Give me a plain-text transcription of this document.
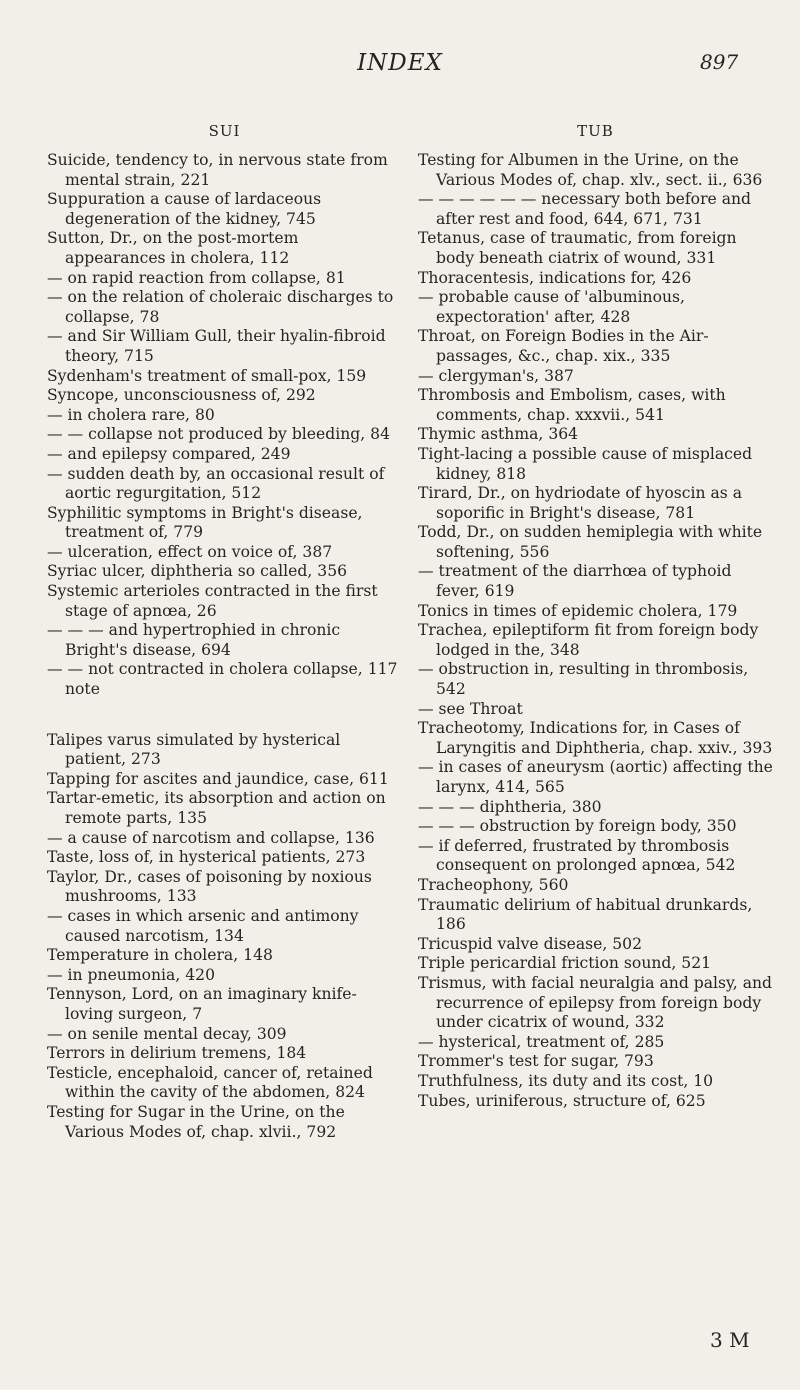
INDEX	897
SUI
Suicide, tendency to, in nervous state from mental strain, 221
Suppuration a cause of lardaceous degeneration of the kidney, 745
Sutton, Dr., on the post-mortem appearances in cholera, 112
— on rapid reaction from collapse, 81
— on the relation of choleraic discharges to collapse, 78
— and Sir William Gull, their hyalin-fibroid theory, 715
Sydenham's treatment of small-pox, 159
Syncope, unconsciousness of, 292
— in cholera rare, 80
— — collapse not produced by bleeding, 84
— and epilepsy compared, 249
— sudden death by, an occasional result of aortic regurgitation, 512
Syphilitic symptoms in Bright's disease, treatment of, 779
— ulceration, effect on voice of, 387
Syriac ulcer, diphtheria so called, 356
Systemic arterioles contracted in the first stage of apnœa, 26
— — — and hypertrophied in chronic Bright's disease, 694
— — not contracted in cholera collapse, 117 note
Talipes varus simulated by hysterical patient, 273
Tapping for ascites and jaundice, case, 611
Tartar-emetic, its absorption and action on remote parts, 135
— a cause of narcotism and collapse, 136
Taste, loss of, in hysterical patients, 273
Taylor, Dr., cases of poisoning by noxious mushrooms, 133
— cases in which arsenic and antimony caused narcotism, 134
Temperature in cholera, 148
— in pneumonia, 420
Tennyson, Lord, on an imaginary knife-loving surgeon, 7
— on senile mental decay, 309
Terrors in delirium tremens, 184
Testicle, encephaloid, cancer of, retained within the cavity of the abdomen, 824
Testing for Sugar in the Urine, on the Various Modes of, chap. xlvii., 792
TUB
Testing for Albumen in the Urine, on the Various Modes of, chap. xlv., sect. ii., 636
— — — — — — necessary both before and after rest and food, 644, 671, 731
Tetanus, case of traumatic, from foreign body beneath ciatrix of wound, 331
Thoracentesis, indications for, 426
— probable cause of 'albuminous, expectoration' after, 428
Throat, on Foreign Bodies in the Air-passages, &c., chap. xix., 335
— clergyman's, 387
Thrombosis and Embolism, cases, with comments, chap. xxxvii., 541
Thymic asthma, 364
Tight-lacing a possible cause of misplaced kidney, 818
Tirard, Dr., on hydriodate of hyoscin as a soporific in Bright's disease, 781
Todd, Dr., on sudden hemiplegia with white softening, 556
— treatment of the diarrhœa of typhoid fever, 619
Tonics in times of epidemic cholera, 179
Trachea, epileptiform fit from foreign body lodged in the, 348
— obstruction in, resulting in thrombosis, 542
— see Throat
Tracheotomy, Indications for, in Cases of Laryngitis and Diphtheria, chap. xxiv., 393
— in cases of aneurysm (aortic) affecting the larynx, 414, 565
— — — diphtheria, 380
— — — obstruction by foreign body, 350
— if deferred, frustrated by thrombosis consequent on prolonged apnœa, 542
Tracheophony, 560
Traumatic delirium of habitual drunkards, 186
Tricuspid valve disease, 502
Triple pericardial friction sound, 521
Trismus, with facial neuralgia and palsy, and recurrence of epilepsy from foreign body under cicatrix of wound, 332
— hysterical, treatment of, 285
Trommer's test for sugar, 793
Truthfulness, its duty and its cost, 10
Tubes, uriniferous, structure of, 625
3 M
